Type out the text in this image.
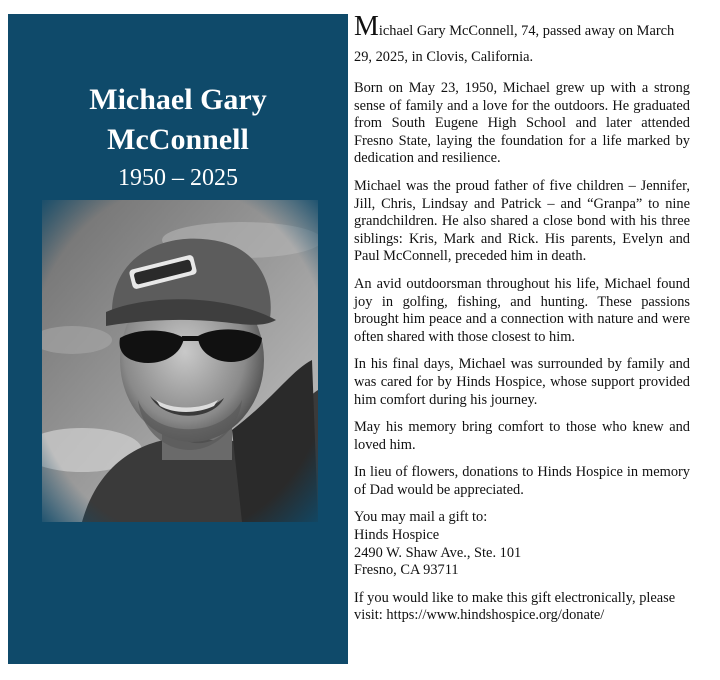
Michael Gary

McConnell

1950 – 2025

Michael Gary McConnell, 74, passed away on March 29, 2025, in Clovis, California.

Born on May 23, 1950, Michael grew up with a strong sense of family and a love for the outdoors. He graduated from South Eugene High School and later attended Fresno State, laying the foundation for a life marked by dedication and resilience.

Michael was the proud father of five children – Jennifer, Jill, Chris, Lindsay and Patrick – and “Granpa” to nine grandchildren. He also shared a close bond with his three siblings: Kris, Mark and Rick. His parents, Evelyn and Paul McConnell, preceded him in death.

An avid outdoorsman throughout his life, Michael found joy in golfing, fishing, and hunting. These passions brought him peace and a connection with nature and were often shared with those closest to him.

In his final days, Michael was surrounded by family and was cared for by Hinds Hospice, whose support provided him comfort during his journey.

May his memory bring comfort to those who knew and loved him.

In lieu of flowers, donations to Hinds Hospice in memory of Dad would be appreciated.

You may mail a gift to:

Hinds Hospice

2490 W. Shaw Ave., Ste. 101

Fresno, CA 93711

If you would like to make this gift electronically, please visit: https://www.hindshospice.org/donate/
